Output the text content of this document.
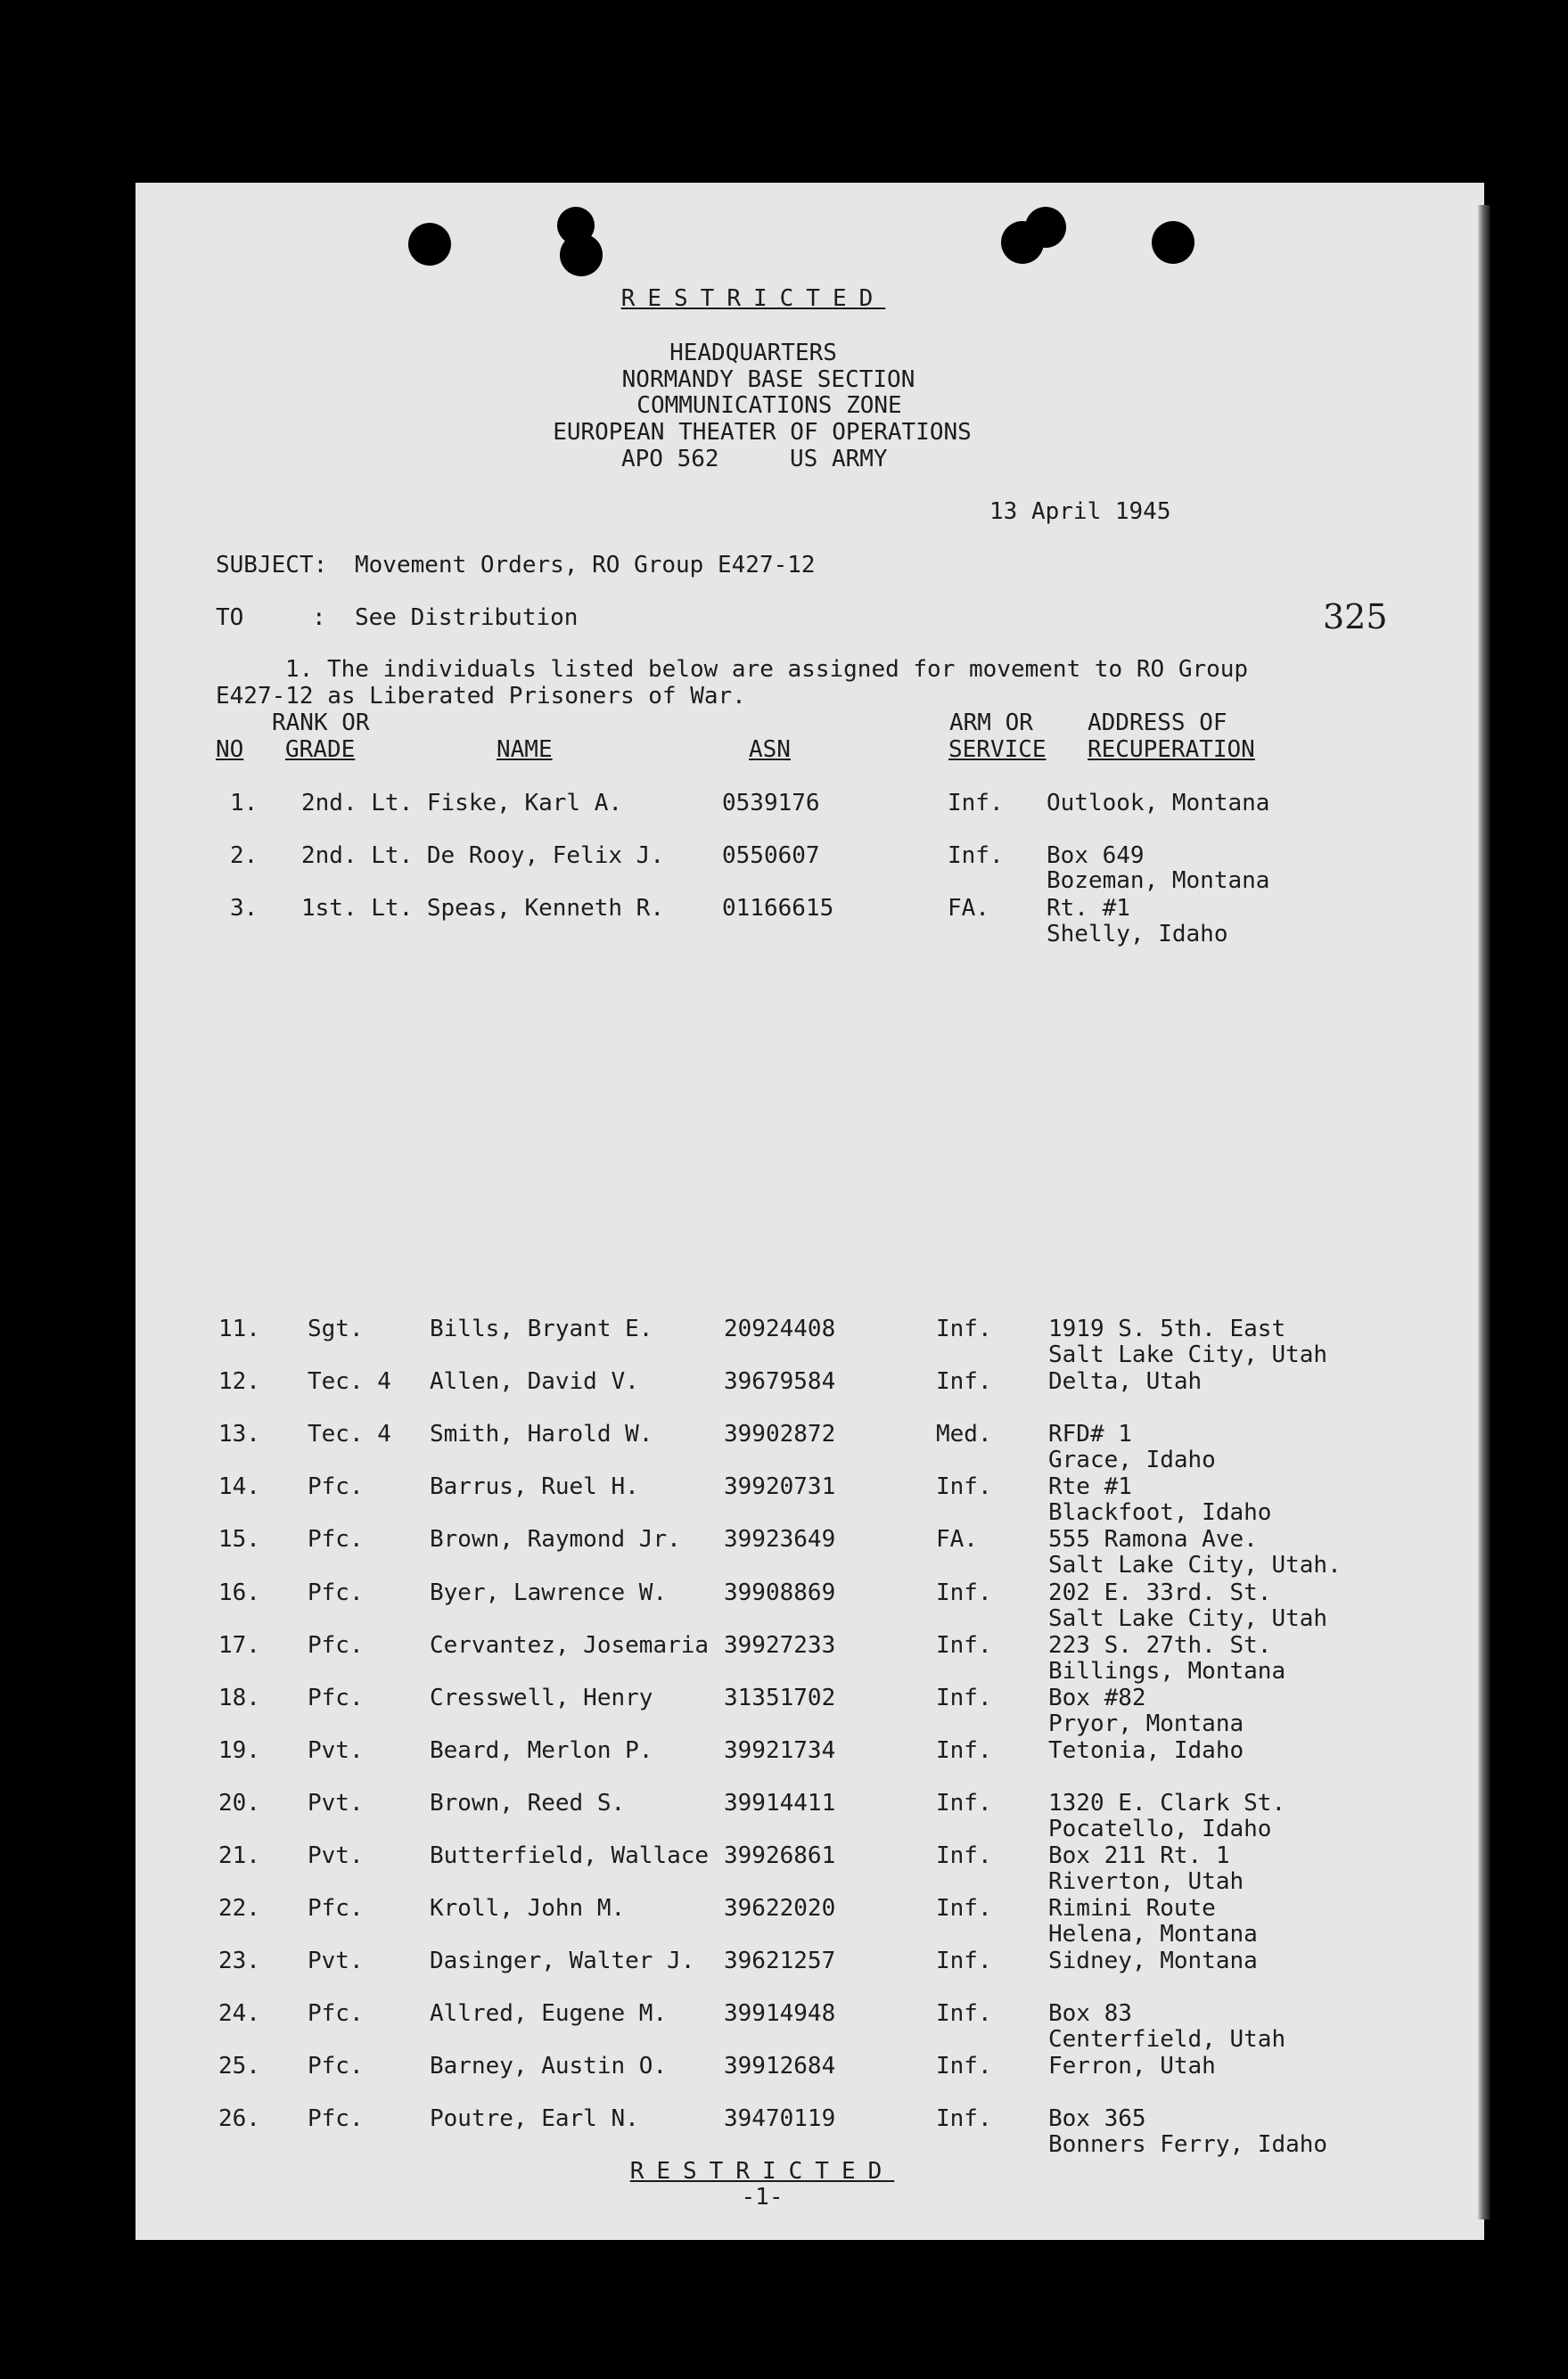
RESTRICTED
HEADQUARTERS
NORMANDY BASE SECTION
COMMUNICATIONS ZONE
EUROPEAN THEATER OF OPERATIONS
APO 562	US ARMY
13 April 1945
325
SUBJECT: Movement Orders, RO Group E427-12
TO	: See Distribution
1. The individuals listed below are assigned for movement to RO Group
E427-12 as Liberated Prisoners of War.
RANK OR	ARM OR ADDRESS OF
NO GRADE	NAME	ASN	SERVICE RECUPERATION
1. 2nd. Lt. Fiske, Karl A.	0539176	Inf. Outlook, Montana
2. 2nd. Lt. De Rooy, Felix J.	0550607	Inf. Box 649
Bozeman, Montana
3. 1st. Lt. Speas, Kenneth R.	01166615	FA. Rt. #1
Shelly, Idaho
11. Sgt.	Bills, Bryant E.	20924408	Inf. 1919 S. 5th. East
Salt Lake City, Utah
12. Tec. 4 Allen, David V.	39679584	Inf. Delta, Utah
13. Tec. 4 Smith, Harold W.	39902872	Med. RFD# 1
Grace, Idaho
14. Pfc.	Barrus, Ruel H.	39920731	Inf. Rte #1
Blackfoot, Idaho
15. Pfc.	Brown, Raymond Jr. 39923649	FA.	555 Ramona Ave.
Salt Lake City, Utah.
16. Pfc.	Byer, Lawrence W. 39908869	Inf. 202 E. 33rd. St.
Salt Lake City, Utah
17. Pfc.	Cervantez, Josemaria 39927233	Inf. 223 S. 27th. St.
Billings, Montana
18. Pfc.	Cresswell, Henry	31351702	Inf. Box #82
Pryor, Montana
19. Pvt.	Beard, Merlon P.	39921734	Inf. Tetonia, Idaho
20. Pvt.	Brown, Reed S.	39914411	Inf. 1320 E. Clark St.
Pocatello, Idaho
21. Pvt.	Butterfield, Wallace 39926861	Inf. Box 211 Rt. 1
Riverton, Utah
22. Pfc.	Kroll, John M.	39622020	Inf. Rimini Route
Helena, Montana
23. Pvt.	Dasinger, Walter J. 39621257	Inf. Sidney, Montana
24. Pfc.	Allred, Eugene M. 39914948	Inf. Box 83
Centerfield, Utah
25. Pfc.	Barney, Austin O. 39912684	Inf. Ferron, Utah
26. Pfc.	Poutre, Earl N.	39470119	Inf. Box 365
Bonners Ferry, Idaho
RESTRICTED
-1-
